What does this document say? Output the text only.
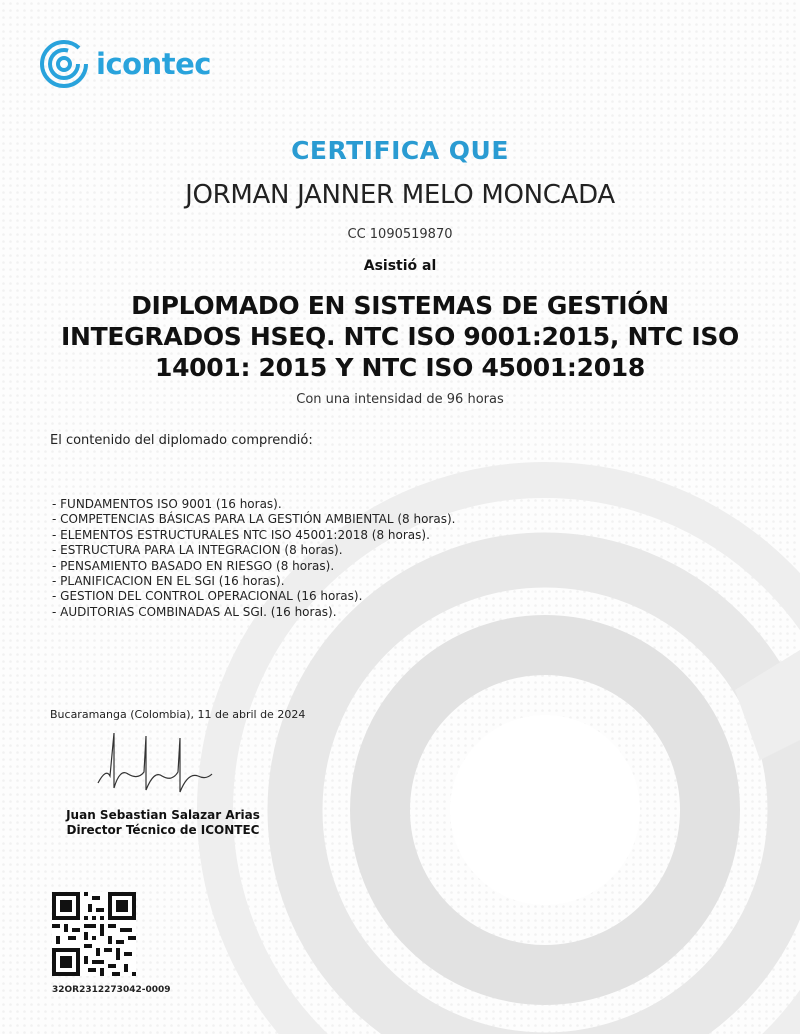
icontec
CERTIFICA QUE
JORMAN JANNER MELO MONCADA
CC 1090519870
Asistió al
DIPLOMADO EN SISTEMAS DE GESTIÓN
INTEGRADOS HSEQ. NTC ISO 9001:2015, NTC ISO
14001: 2015 Y NTC ISO 45001:2018
Con una intensidad de 96 horas
El contenido del diplomado comprendió:
- FUNDAMENTOS ISO 9001 (16 horas).
- COMPETENCIAS BÁSICAS PARA LA GESTIÓN AMBIENTAL (8 horas).
- ELEMENTOS ESTRUCTURALES NTC ISO 45001:2018 (8 horas).
- ESTRUCTURA PARA LA INTEGRACION (8 horas).
- PENSAMIENTO BASADO EN RIESGO (8 horas).
- PLANIFICACION EN EL SGI (16 horas).
- GESTION DEL CONTROL OPERACIONAL (16 horas).
- AUDITORIAS COMBINADAS AL SGI. (16 horas).
Bucaramanga (Colombia), 11 de abril de 2024
Juan Sebastian Salazar Arias
Director Técnico de ICONTEC
32OR2312273042-0009
